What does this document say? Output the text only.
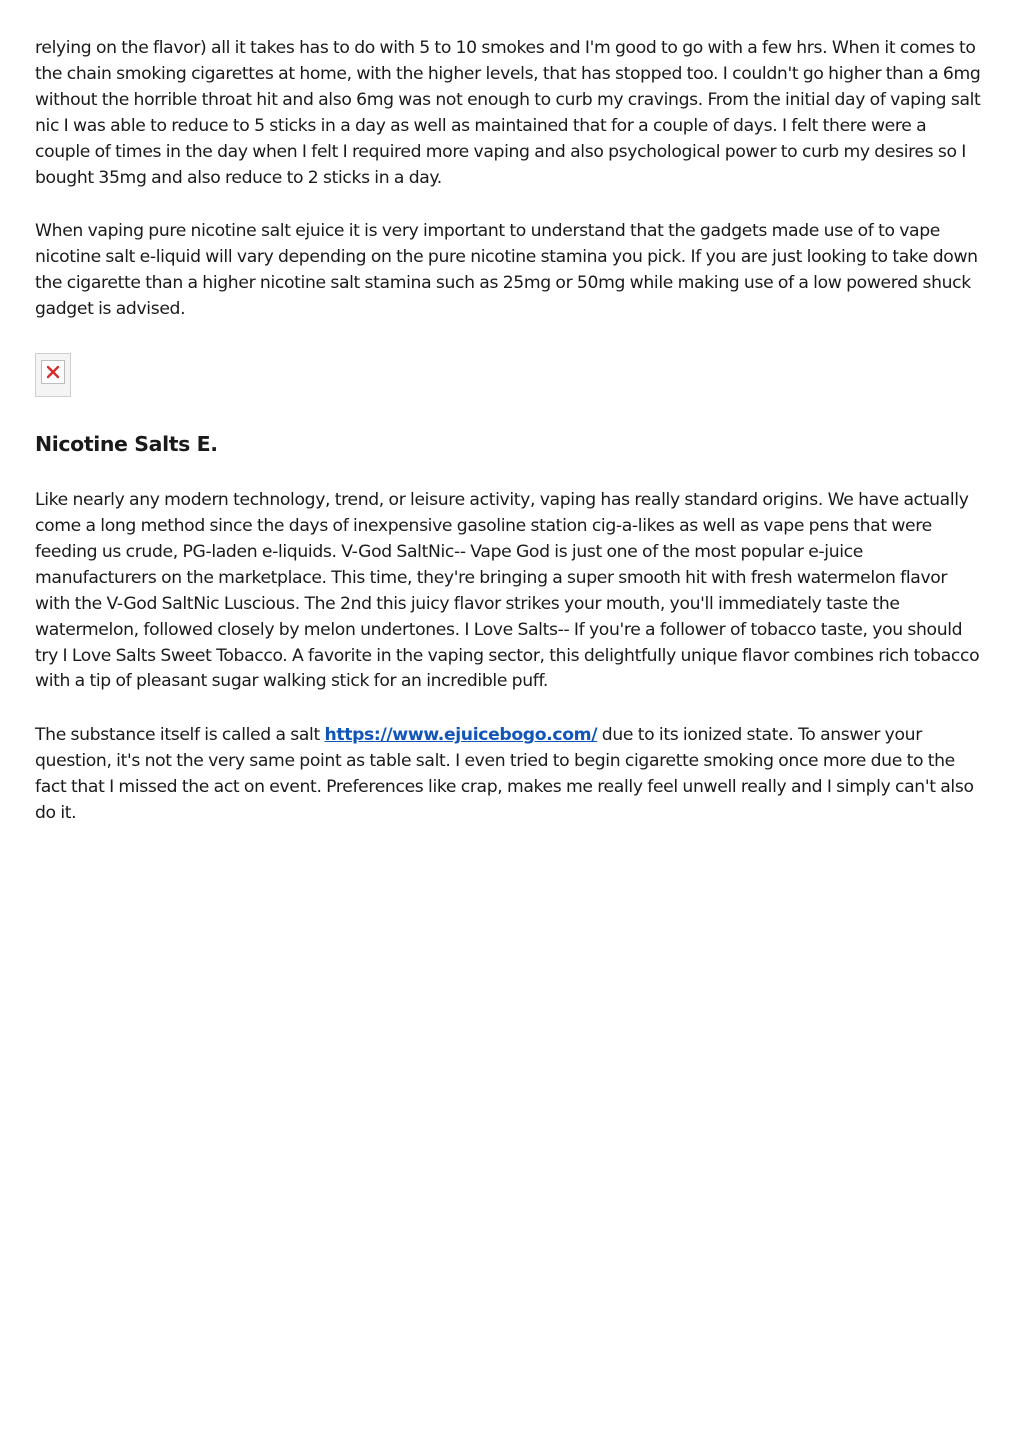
relying on the flavor) all it takes has to do with 5 to 10 smokes and I'm good to go with a few hrs. When it comes to the chain smoking cigarettes at home, with the higher levels, that has stopped too. I couldn't go higher than a 6mg without the horrible throat hit and also 6mg was not enough to curb my cravings. From the initial day of vaping salt nic I was able to reduce to 5 sticks in a day as well as maintained that for a couple of days. I felt there were a couple of times in the day when I felt I required more vaping and also psychological power to curb my desires so I bought 35mg and also reduce to 2 sticks in a day.

When vaping pure nicotine salt ejuice it is very important to understand that the gadgets made use of to vape nicotine salt e-liquid will vary depending on the pure nicotine stamina you pick. If you are just looking to take down the cigarette than a higher nicotine salt stamina such as 25mg or 50mg while making use of a low powered shuck gadget is advised.

Nicotine Salts E.

Like nearly any modern technology, trend, or leisure activity, vaping has really standard origins. We have actually come a long method since the days of inexpensive gasoline station cig-a-likes as well as vape pens that were feeding us crude, PG-laden e-liquids. V-God SaltNic-- Vape God is just one of the most popular e-juice manufacturers on the marketplace. This time, they're bringing a super smooth hit with fresh watermelon flavor with the V-God SaltNic Luscious. The 2nd this juicy flavor strikes your mouth, you'll immediately taste the watermelon, followed closely by melon undertones. I Love Salts-- If you're a follower of tobacco taste, you should try I Love Salts Sweet Tobacco. A favorite in the vaping sector, this delightfully unique flavor combines rich tobacco with a tip of pleasant sugar walking stick for an incredible puff.

The substance itself is called a salt https://www.ejuicebogo.com/ due to its ionized state. To answer your question, it's not the very same point as table salt. I even tried to begin cigarette smoking once more due to the fact that I missed the act on event. Preferences like crap, makes me really feel unwell really and I simply can't also do it.
